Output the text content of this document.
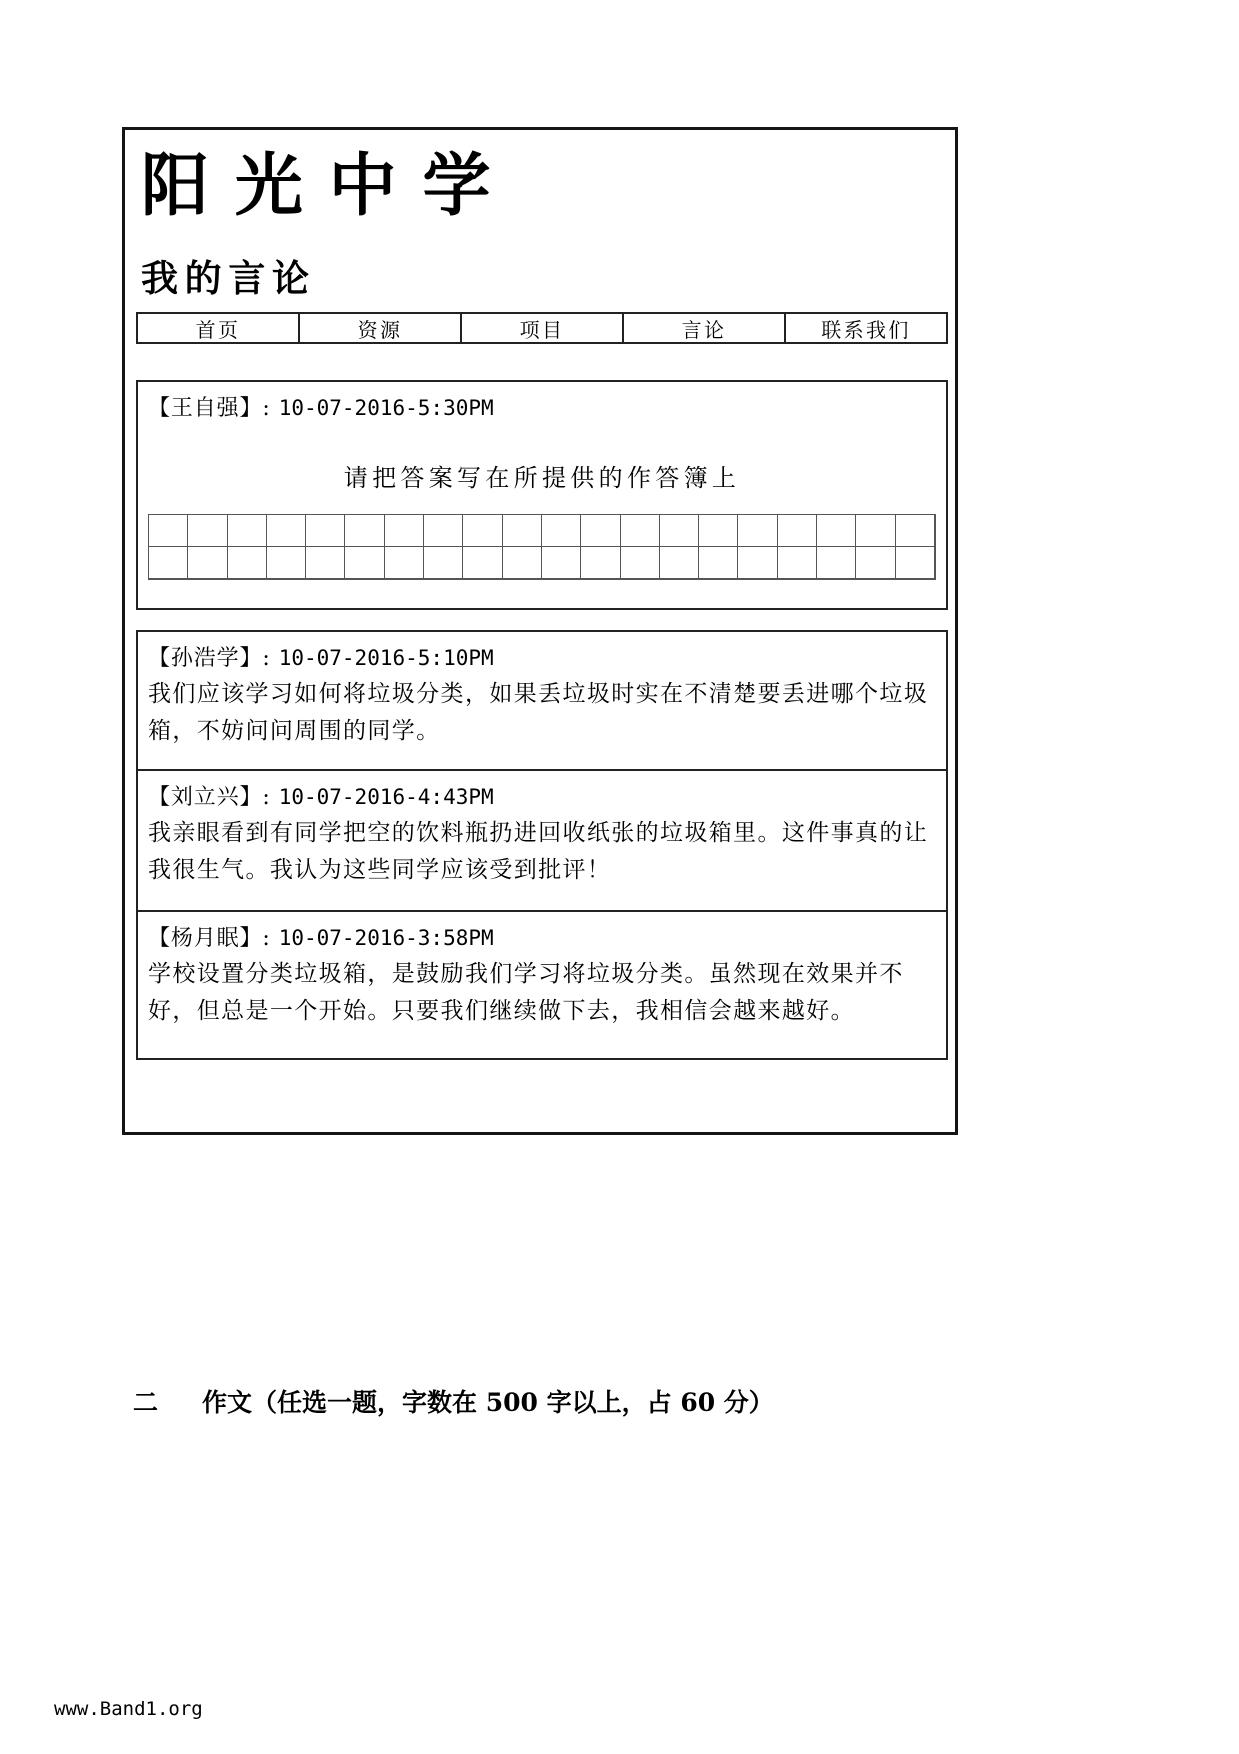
阳光中学
我的言论
首页	资源	项目	言论	联系我们
【王自强】: 10-07-2016-5:30PM
请把答案写在所提供的作答簿上
【孙浩学】: 10-07-2016-5:10PM
我们应该学习如何将垃圾分类，如果丢垃圾时实在不清楚要丢进哪个垃圾箱，不妨问问周围的同学。
【刘立兴】: 10-07-2016-4:43PM
我亲眼看到有同学把空的饮料瓶扔进回收纸张的垃圾箱里。这件事真的让我很生气。我认为这些同学应该受到批评！
【杨月眠】: 10-07-2016-3:58PM
学校设置分类垃圾箱，是鼓励我们学习将垃圾分类。虽然现在效果并不好，但总是一个开始。只要我们继续做下去，我相信会越来越好。
二 作文（任选一题，字数在 500 字以上，占 60 分）
www.Band1.org
